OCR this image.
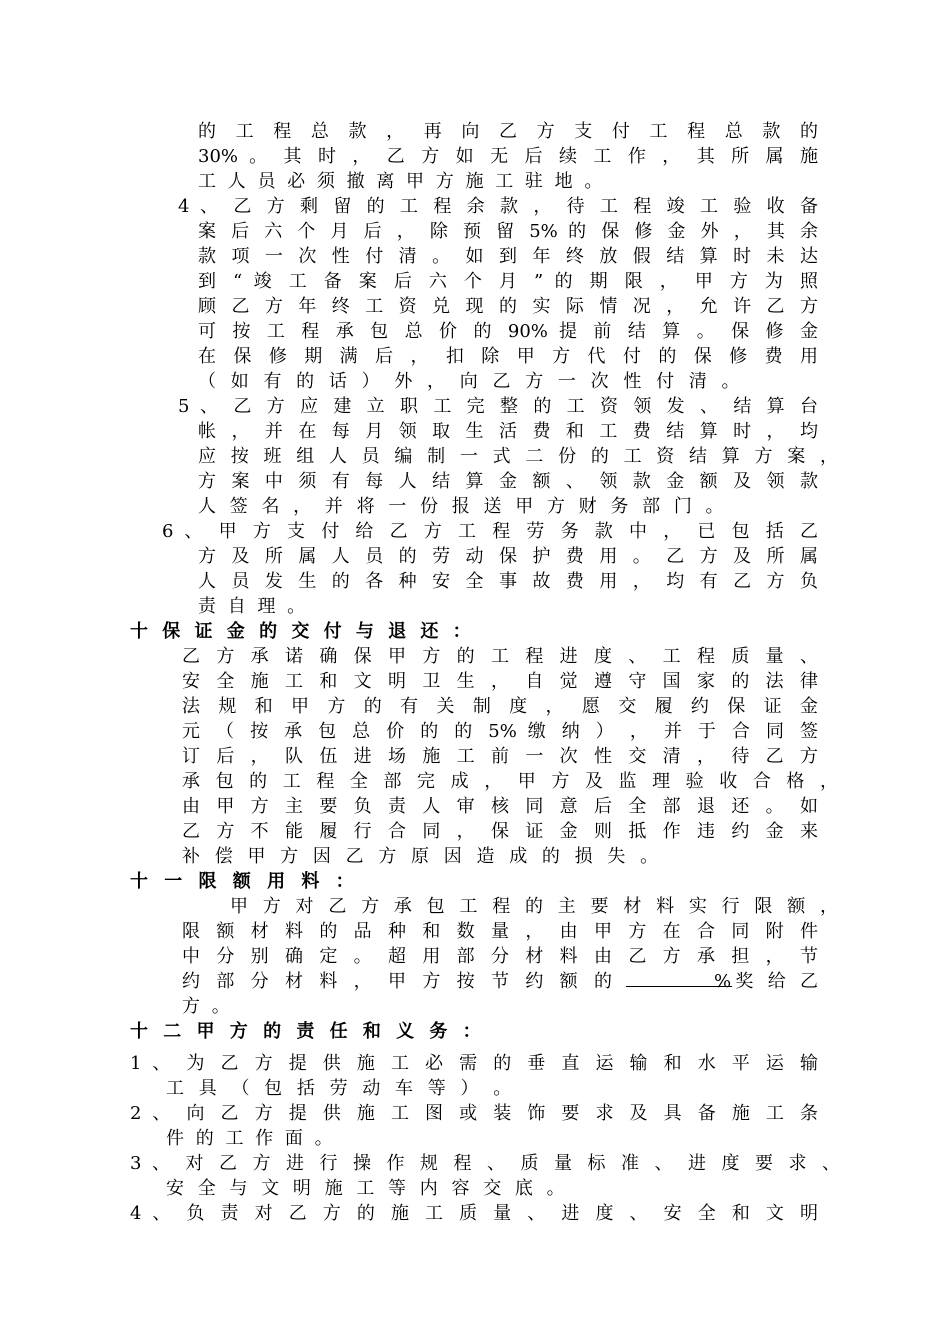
的 工 程 总 款 ， 再 向 乙 方 支 付 工 程 总 款 的
30% 。 其 时 ， 乙 方 如 无 后 续 工 作 ， 其 所 属 施
工 人 员 必 须 撤 离 甲 方 施 工 驻 地 。
4 、 乙 方 剩 留 的 工 程 余 款 ， 待 工 程 竣 工 验 收 备
案 后 六 个 月 后 ， 除 预 留 5% 的 保 修 金 外 ， 其 余
款 项 一 次 性 付 清 。 如 到 年 终 放 假 结 算 时 未 达
到 “ 竣 工 备 案 后 六 个 月 ” 的 期 限 ， 甲 方 为 照
顾 乙 方 年 终 工 资 兑 现 的 实 际 情 况 ， 允 许 乙 方
可 按 工 程 承 包 总 价 的 90% 提 前 结 算 。 保 修 金
在 保 修 期 满 后 ， 扣 除 甲 方 代 付 的 保 修 费 用
（ 如 有 的 话 ） 外 ， 向 乙 方 一 次 性 付 清 。
5 、 乙 方 应 建 立 职 工 完 整 的 工 资 领 发 、 结 算 台
帐 ， 并 在 每 月 领 取 生 活 费 和 工 费 结 算 时 ， 均
应 按 班 组 人 员 编 制 一 式 二 份 的 工 资 结 算 方 案 ，
方 案 中 须 有 每 人 结 算 金 额 、 领 款 金 额 及 领 款
人 签 名 ， 并 将 一 份 报 送 甲 方 财 务 部 门 。
6 、 甲 方 支 付 给 乙 方 工 程 劳 务 款 中 ， 已 包 括 乙
方 及 所 属 人 员 的 劳 动 保 护 费 用 。 乙 方 及 所 属
人 员 发 生 的 各 种 安 全 事 故 费 用 ， 均 有 乙 方 负
责 自 理 。
十 保 证 金 的 交 付 与 退 还 ：
乙 方 承 诺 确 保 甲 方 的 工 程 进 度 、 工 程 质 量 、
安 全 施 工 和 文 明 卫 生 ， 自 觉 遵 守 国 家 的 法 律
法 规 和 甲 方 的 有 关 制 度 ， 愿 交 履 约 保 证 金
元 （ 按 承 包 总 价 的 的 5% 缴 纳 ） ， 并 于 合 同 签
订 后 ， 队 伍 进 场 施 工 前 一 次 性 交 清 ， 待 乙 方
承 包 的 工 程 全 部 完 成 ， 甲 方 及 监 理 验 收 合 格 ，
由 甲 方 主 要 负 责 人 审 核 同 意 后 全 部 退 还 。 如
乙 方 不 能 履 行 合 同 ， 保 证 金 则 抵 作 违 约 金 来
补 偿 甲 方 因 乙 方 原 因 造 成 的 损 失 。
十 一 限 额 用 料 ：
甲 方 对 乙 方 承 包 工 程 的 主 要 材 料 实 行 限 额 ，
限 额 材 料 的 品 种 和 数 量 ， 由 甲 方 在 合 同 附 件
中 分 别 确 定 。 超 用 部 分 材 料 由 乙 方 承 担 ， 节
约 部 分 材 料 ， 甲 方 按 节 约 额 的	%奖 给 乙
方 。
十 二 甲 方 的 责 任 和 义 务 ：
1 、 为 乙 方 提 供 施 工 必 需 的 垂 直 运 输 和 水 平 运 输
工 具 （ 包 括 劳 动 车 等 ） 。
2 、 向 乙 方 提 供 施 工 图 或 装 饰 要 求 及 具 备 施 工 条
件 的 工 作 面 。
3 、 对 乙 方 进 行 操 作 规 程 、 质 量 标 准 、 进 度 要 求 、
安 全 与 文 明 施 工 等 内 容 交 底 。
4 、 负 责 对 乙 方 的 施 工 质 量 、 进 度 、 安 全 和 文 明
